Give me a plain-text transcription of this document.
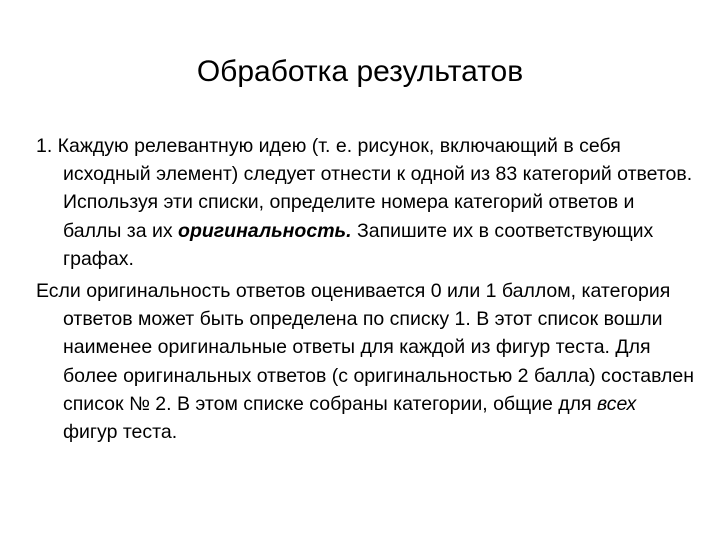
Обработка результатов

1. Каждую релевантную идею (т. е. рисунок, включающий в себя исходный элемент) следует отнести к одной из 83 категорий ответов. Используя эти списки, определите номера категорий ответов и баллы за их оригинальность. Запишите их в соответствующих графах.

Если оригинальность ответов оценивается 0 или 1 баллом, категория ответов может быть определена по списку 1. В этот список вошли наименее оригинальные ответы для каждой из фигур теста. Для более оригинальных ответов (с оригинальностью 2 балла) составлен список № 2. В этом списке собраны категории, общие для всех фигур теста.
